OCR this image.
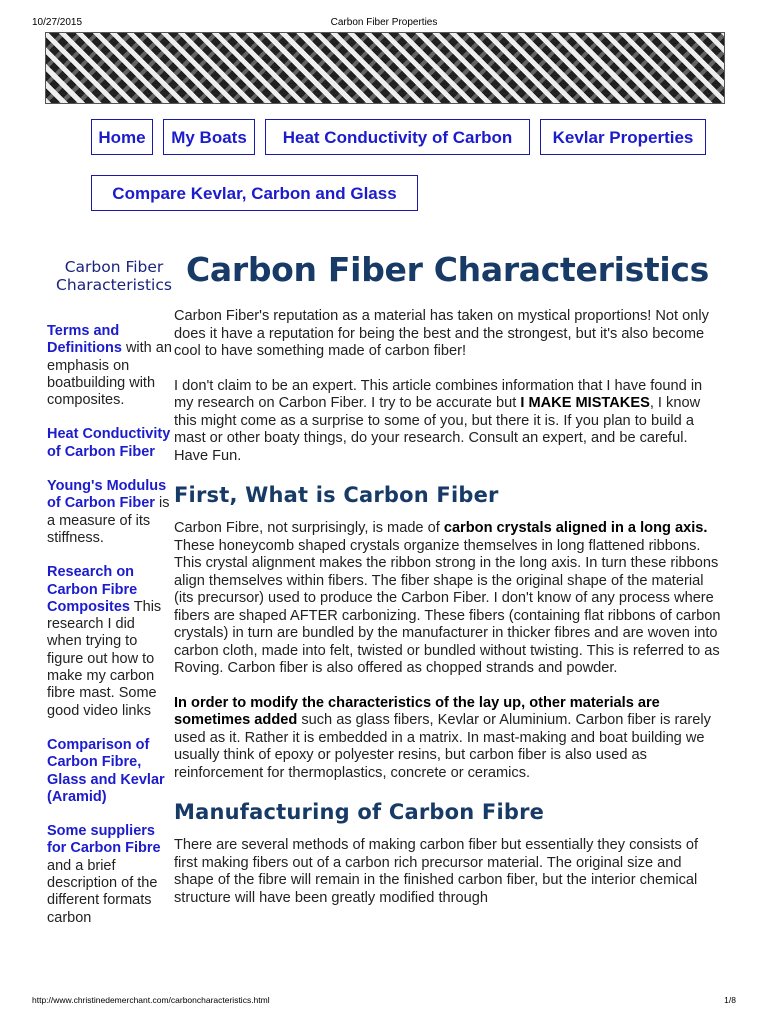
10/27/2015	Carbon Fiber Properties
Home	My Boats	Heat Conductivity of Carbon	Kevlar Properties
Compare Kevlar, Carbon and Glass
Carbon Fiber
Characteristics
Terms and Definitions with an emphasis on boatbuilding with composites.
Heat Conductivity of Carbon Fiber
Young's Modulus of Carbon Fiber is a measure of its stiffness.
Research on Carbon Fibre Composites This research I did when trying to figure out how to make my carbon fibre mast. Some good video links
Comparison of Carbon Fibre, Glass and Kevlar (Aramid)
Some suppliers for Carbon Fibre and a brief description of the different formats carbon
Carbon Fiber Characteristics

Carbon Fiber's reputation as a material has taken on mystical proportions! Not only does it have a reputation for being the best and the strongest, but it's also become cool to have something made of carbon fiber!

I don't claim to be an expert. This article combines information that I have found in my research on Carbon Fiber. I try to be accurate but I MAKE MISTAKES, I know this might come as a surprise to some of you, but there it is. If you plan to build a mast or other boaty things, do your research. Consult an expert, and be careful. Have Fun.

First, What is Carbon Fiber

Carbon Fibre, not surprisingly, is made of carbon crystals aligned in a long axis. These honeycomb shaped crystals organize themselves in long flattened ribbons. This crystal alignment makes the ribbon strong in the long axis. In turn these ribbons align themselves within fibers. The fiber shape is the original shape of the material (its precursor) used to produce the Carbon Fiber. I don't know of any process where fibers are shaped AFTER carbonizing. These fibers (containing flat ribbons of carbon crystals) in turn are bundled by the manufacturer in thicker fibres and are woven into carbon cloth, made into felt, twisted or bundled without twisting. This is referred to as Roving. Carbon fiber is also offered as chopped strands and powder.

In order to modify the characteristics of the lay up, other materials are sometimes added such as glass fibers, Kevlar or Aluminium. Carbon fiber is rarely used as it. Rather it is embedded in a matrix. In mast-making and boat building we usually think of epoxy or polyester resins, but carbon fiber is also used as reinforcement for thermoplastics, concrete or ceramics.

Manufacturing of Carbon Fibre

There are several methods of making carbon fiber but essentially they consists of first making fibers out of a carbon rich precursor material. The original size and shape of the fibre will remain in the finished carbon fiber, but the interior chemical structure will have been greatly modified through

http://www.christinedemerchant.com/carboncharacteristics.html	1/8
